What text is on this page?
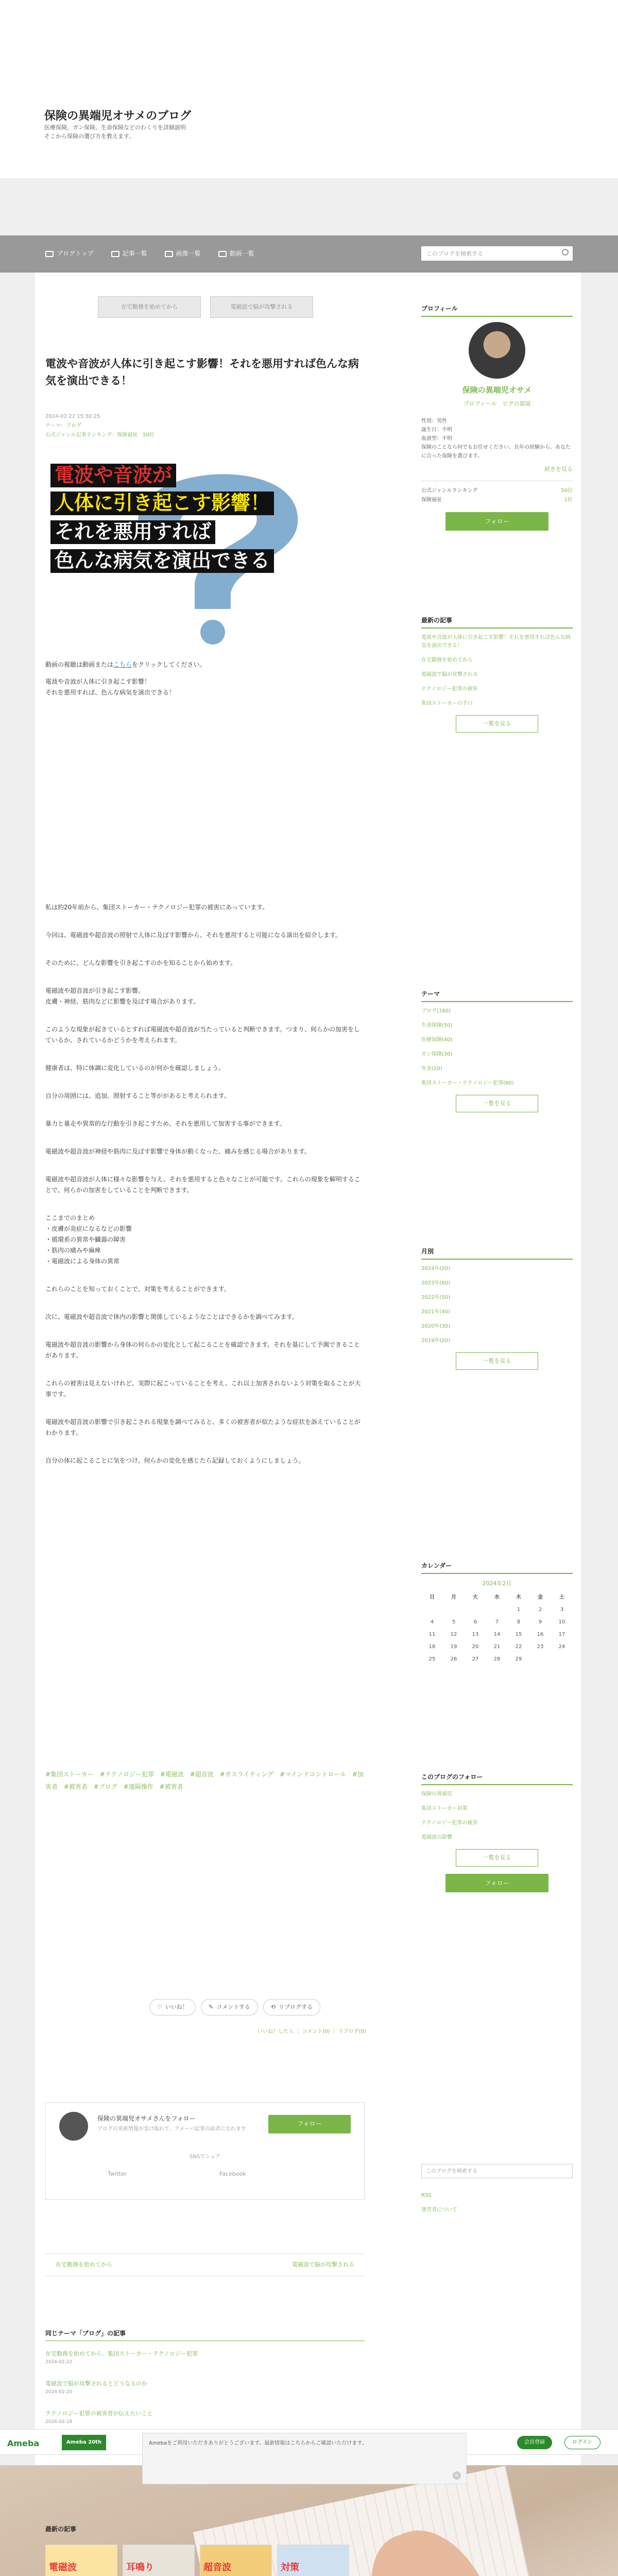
保険の異端児オサメのブログ
医療保険、ガン保険、生命保険などのわくりを詳細説明
そこから保険の選び方を教えます。
ブログトップ	記事一覧	画像一覧	動画一覧	このブログを検索する
在宅勤務を始めてから	電磁波で脳が攻撃される
電波や音波が人体に引き起こす影響！それを悪用すれば色んな病気を演出できる！
2024-02-22 15:30:25
テーマ：ブログ
公式ジャンル記事ランキング：保険福祉　50位
電波や音波が
人体に引き起こす影響！
それを悪用すれば
色んな病気を演出できる

動画の視聴は動画またはこちらをクリックしてください。

電波や音波が人体に引き起こす影響！
それを悪用すれば、色んな病気を演出できる！

私は約20年前から、集団ストーカー・テクノロジー犯罪の被害にあっています。

今回は、電磁波や超音波の照射で人体に及ぼす影響から、それを悪用すると可能になる演出を紹介します。

そのために、どんな影響を引き起こすのかを知ることから始めます。

電磁波や超音波が引き起こす影響。
皮膚・神経、筋肉などに影響を及ぼす場合があります。

このような現象が起きているとすれば電磁波や超音波が当たっていると判断できます。つまり、何らかの加害をしているか、されているかどうかを考えられます。

健康者は、特に体調に変化しているのが何かを確認しましょう。

自分の周囲には、追加、照射すること等ががあると考えられます。

暴力と暴走や異常的な行動を引き起こすため、それを悪用して加害する事ができます。

電磁波や超音波が神経や筋肉に及ぼす影響で身体が動くなった、痛みを感じる場合があります。

電磁波や超音波が人体に様々な影響を与え、それを悪用すると色々なことが可能です。これらの現象を解明することで、何らかの加害をしていることを判断できます。

ここまでのまとめ
・皮膚が炎症になるなどの影響
・循環系の異常や臓器の障害
・筋肉の痛みや麻痺
・電磁波による身体の異常

これらのことを知っておくことで、対策を考えることができます。

次に、電磁波や超音波で体内の影響と関係しているようなことはできるかを調べてみます。

電磁波や超音波の影響から身体の何らかの変化として起こることを確認できます。それを基にして予測できることがあります。

これらの被害は見えないけれど、実際に起こっていることを考え、これ以上加害されないよう対策を取ることが大事です。

電磁波や超音波の影響で引き起こされる現象を調べてみると、多くの被害者が似たような症状を訴えていることがわかります。

自分の体に起こることに気をつけ、何らかの変化を感じたら記録しておくようにしましょう。

#集団ストーカー #テクノロジー犯罪 #電磁波 #超音波 #ガスライティング #マインドコントロール #加害者 #被害者 #ブログ #遠隔操作 #被害者
♡ いいね！	✎ コメントする	⟲ リブログする
いいね！した人 ｜ コメント(0) ｜ リブログ(0)
保険の異端児オサメさんをフォロー
ブログの更新情報が受け取れて、アメーバ記事の読者になれます
フォロー
SNSでシェア
Twitter	Facebook
在宅勤務を始めてから	電磁波で脳が攻撃される
同じテーマ「ブログ」の記事
在宅勤務を始めてから、集団ストーカー・テクノロジー犯罪
2024-02-22
電磁波で脳が攻撃されるとどうなるのか
2024-02-20
テクノロジー犯罪の被害者が伝えたいこと
2024-02-18
Ameba	Ameba 20th	会員登録	ログイン
Amebaをご利用いただきありがとうございます。最新情報はこちらからご確認いただけます。
×
最新の記事
電磁波	耳鳴り	超音波	対策
プロフィール
保険の異端児オサメ
プロフィール　ピグの部屋
性別：男性
誕生日：不明
血液型：不明
保険のことなら何でもお任せください。長年の経験から、あなたに合った保険を選びます。
続きを見る
公式ジャンルランキング	50位
保険福祉	1位
フォロー
最新の記事
電波や音波が人体に引き起こす影響！それを悪用すれば色んな病気を演出できる！
在宅勤務を始めてから
電磁波で脳が攻撃される
テクノロジー犯罪の被害
集団ストーカーの手口
一覧を見る
テーマ
ブログ(180)
生命保険(50)
医療保険(40)
ガン保険(30)
年金(20)
集団ストーカー・テクノロジー犯罪(60)
一覧を見る
月別
2024年(20)
2023年(60)
2022年(50)
2021年(40)
2020年(30)
2019年(20)
一覧を見る
カレンダー
2024年2月
日	月	火	水	木	金	土
				1	2	3
4	5	6	7	8	9	10
11	12	13	14	15	16	17
18	19	20	21	22	23	24
25	26	27	28	29		
このブログのフォロー
保険の異端児
集団ストーカー対策
テクノロジー犯罪の被害
電磁波の影響
一覧を見る
フォロー
このブログを検索する
RSS
運営者について
